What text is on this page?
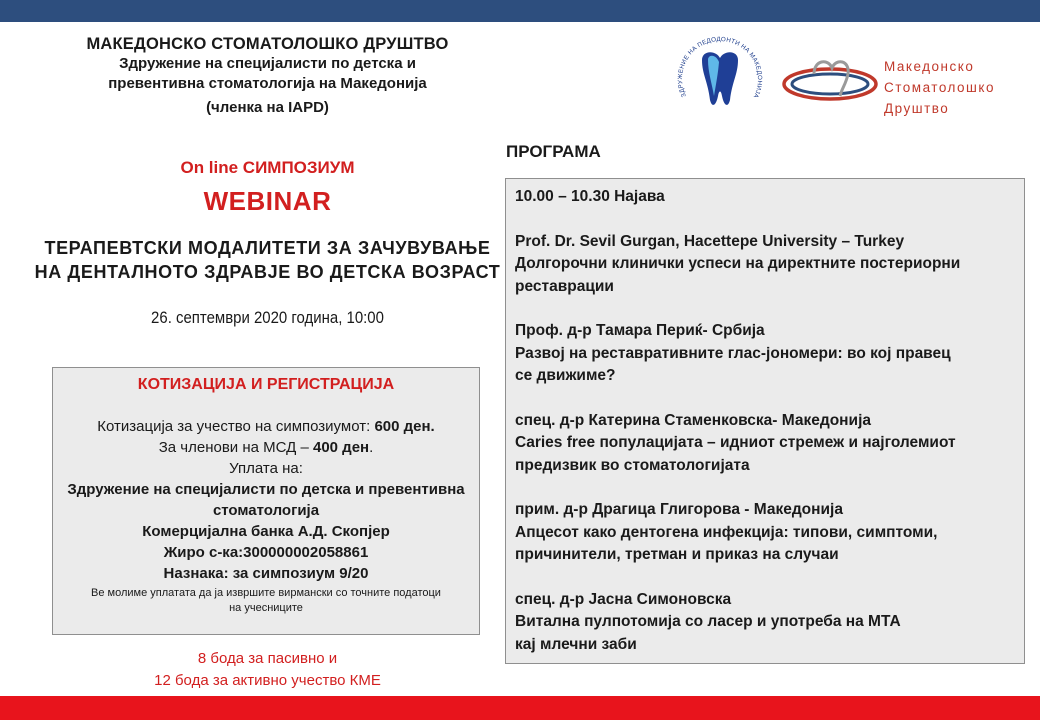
МАКЕДОНСКО СТОМАТОЛОШКО ДРУШТВО
Здружение на специјалисти по детска и
превентивна стоматологија на Македонија
(членка на IAPD)
On line СИМПОЗИУМ
WEBINAR
ТЕРАПЕВТСКИ МОДАЛИТЕТИ ЗА ЗАЧУВУВАЊЕ
НА ДЕНТАЛНОТО ЗДРАВЈЕ ВО ДЕТСКА ВОЗРАСТ
26. септември 2020 година, 10:00
КОТИЗАЦИЈА И РЕГИСТРАЦИЈА
Котизација за учество на симпозиумот: 600 ден.
За членови на МСД – 400 ден.
Уплата на:
Здружение на специјалисти по детска и превентивна
стоматологија
Комерцијална банка А.Д. Скопјер
Жиро с-ка:300000002058861
Назнака: за симпозиум 9/20
Ве молиме уплатата да ја извршите вирмански со точните податоци
на учесниците
8 бода за пасивно и
12 бода за активно учество КМЕ
ЗДРУЖЕНИЕ НА ПЕДОДОНТИ НА МАКЕДОНИЈА
Македонско
Стоматолошко
Друштво
ПРОГРАМА
10.00 – 10.30 Најава
Prof. Dr. Sevil Gurgan, Hacettepe University – Turkey
Долгорочни клинички успеси на директните постериорни
реставрации
Проф. д-р Тамара Периќ- Србија
Развој на реставративните глас-јономери: во кој правец
се движиме?
спец. д-р Катерина Стаменковска- Македонија
Caries free популацијата – идниот стремеж и најголемиот
предизвик во стоматологијата
прим. д-р Драгица Глигорова - Македонија
Апцесот како дентогена инфекција: типови, симптоми,
причинители, третман и приказ на случаи
спец. д-р Јасна Симоновска
Витална пулпотомија со ласер и употреба на МТА
кај млечни заби
